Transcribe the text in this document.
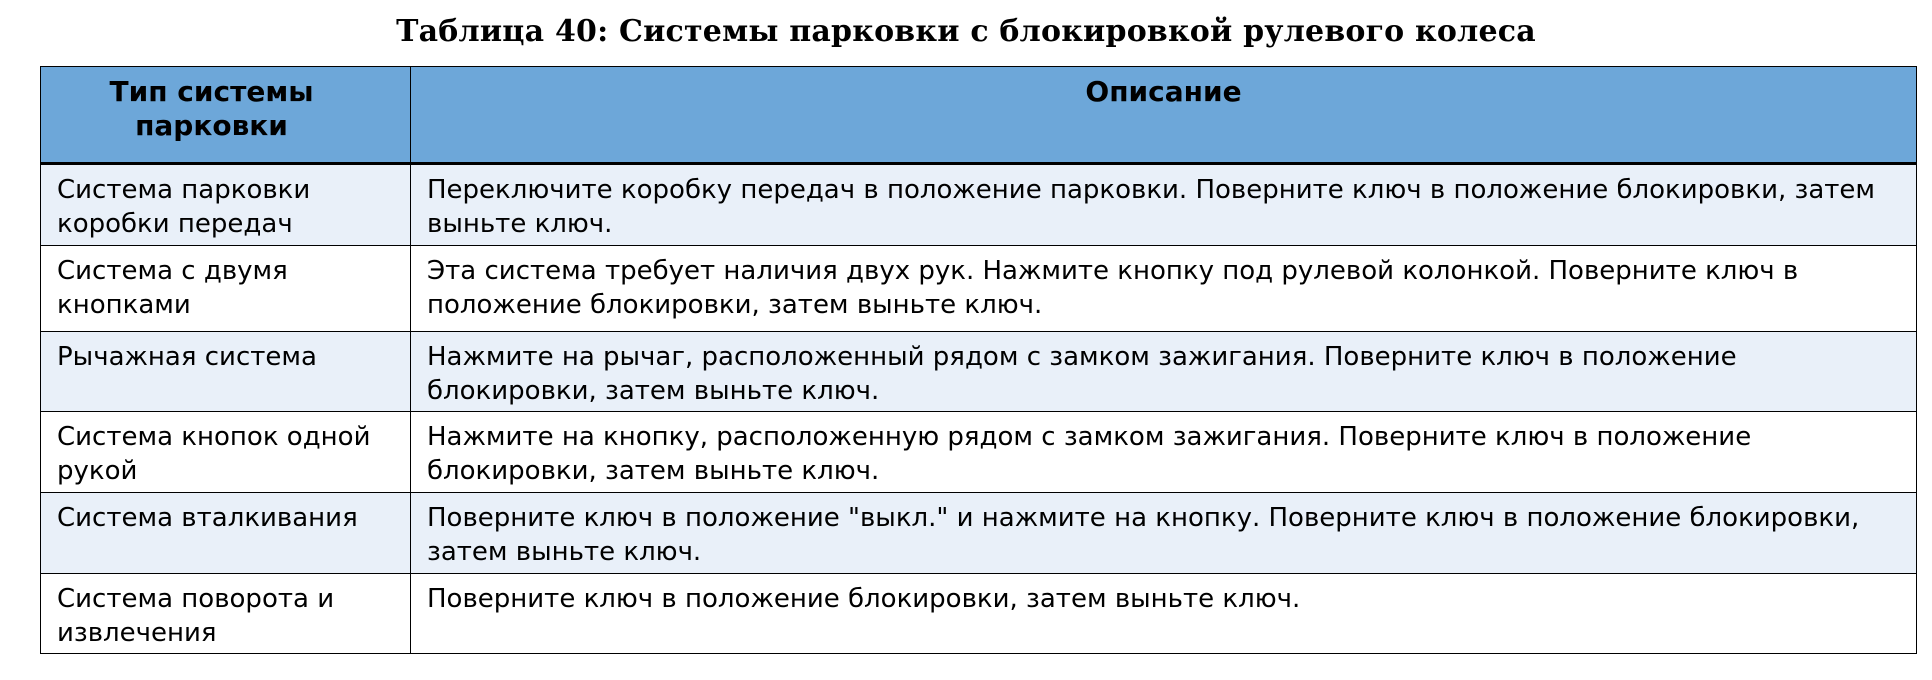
Таблица 40: Системы парковки с блокировкой рулевого колеса
Тип системы парковки	Описание
Система парковки коробки передач	Переключите коробку передач в положение парковки. Поверните ключ в положение блокировки, затем выньте ключ.
Система с двумя кнопками	Эта система требует наличия двух рук. Нажмите кнопку под рулевой колонкой. Поверните ключ в положение блокировки, затем выньте ключ.
Рычажная система	Нажмите на рычаг, расположенный рядом с замком зажигания. Поверните ключ в положение блокировки, затем выньте ключ.
Система кнопок одной рукой	Нажмите на кнопку, расположенную рядом с замком зажигания. Поверните ключ в положение блокировки, затем выньте ключ.
Система вталкивания	Поверните ключ в положение "выкл." и нажмите на кнопку. Поверните ключ в положение блокировки, затем выньте ключ.
Система поворота и извлечения	Поверните ключ в положение блокировки, затем выньте ключ.
